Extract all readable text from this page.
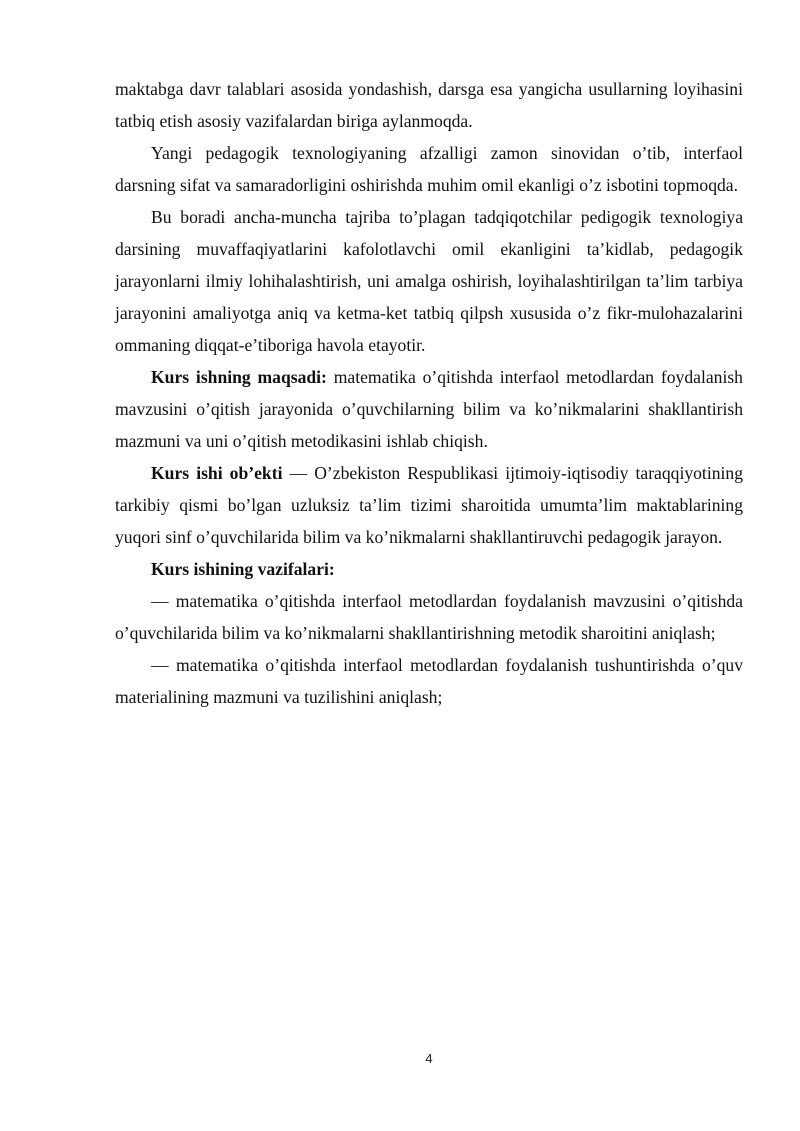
maktabga davr talablari asosida yondashish, darsga esa yangicha usullarning loyihasini tatbiq etish asosiy vazifalardan biriga aylanmoqda.

Yangi pedagogik texnologiyaning afzalligi zamon sinovidan o’tib, interfaol darsning sifat va samaradorligini oshirishda muhim omil ekanligi o’z isbotini topmoqda.

Bu boradi ancha-muncha tajriba to’plagan tadqiqotchilar pedigogik texnologiya darsining muvaffaqiyatlarini kafolotlavchi omil ekanligini ta’kidlab, pedagogik jarayonlarni ilmiy lohihalashtirish, uni amalga oshirish, loyihalashtirilgan ta’lim tarbiya jarayonini amaliyotga aniq va ketma-ket tatbiq qilpsh xususida o’z fikr-mulohazalarini ommaning diqqat-e’tiboriga havola etayotir.

Kurs ishning maqsadi: matematika o’qitishda interfaol metodlardan foydalanish mavzusini o’qitish jarayonida o’quvchilarning bilim va ko’nikmalarini shakllantirish mazmuni va uni o’qitish metodikasini ishlab chiqish.

Kurs ishi ob’ekti — O’zbekiston Respublikasi ijtimoiy-iqtisodiy taraqqiyotining tarkibiy qismi bo’lgan uzluksiz ta’lim tizimi sharoitida umumta’lim maktablarining yuqori sinf o’quvchilarida bilim va ko’nikmalarni shakllantiruvchi pedagogik jarayon.

Kurs ishining vazifalari:

— matematika o’qitishda interfaol metodlardan foydalanish mavzusini o’qitishda o’quvchilarida bilim va ko’nikmalarni shakllantirishning metodik sharoitini aniqlash;

— matematika o’qitishda interfaol metodlardan foydalanish tushuntirishda o’quv materialining mazmuni va tuzilishini aniqlash;

4
